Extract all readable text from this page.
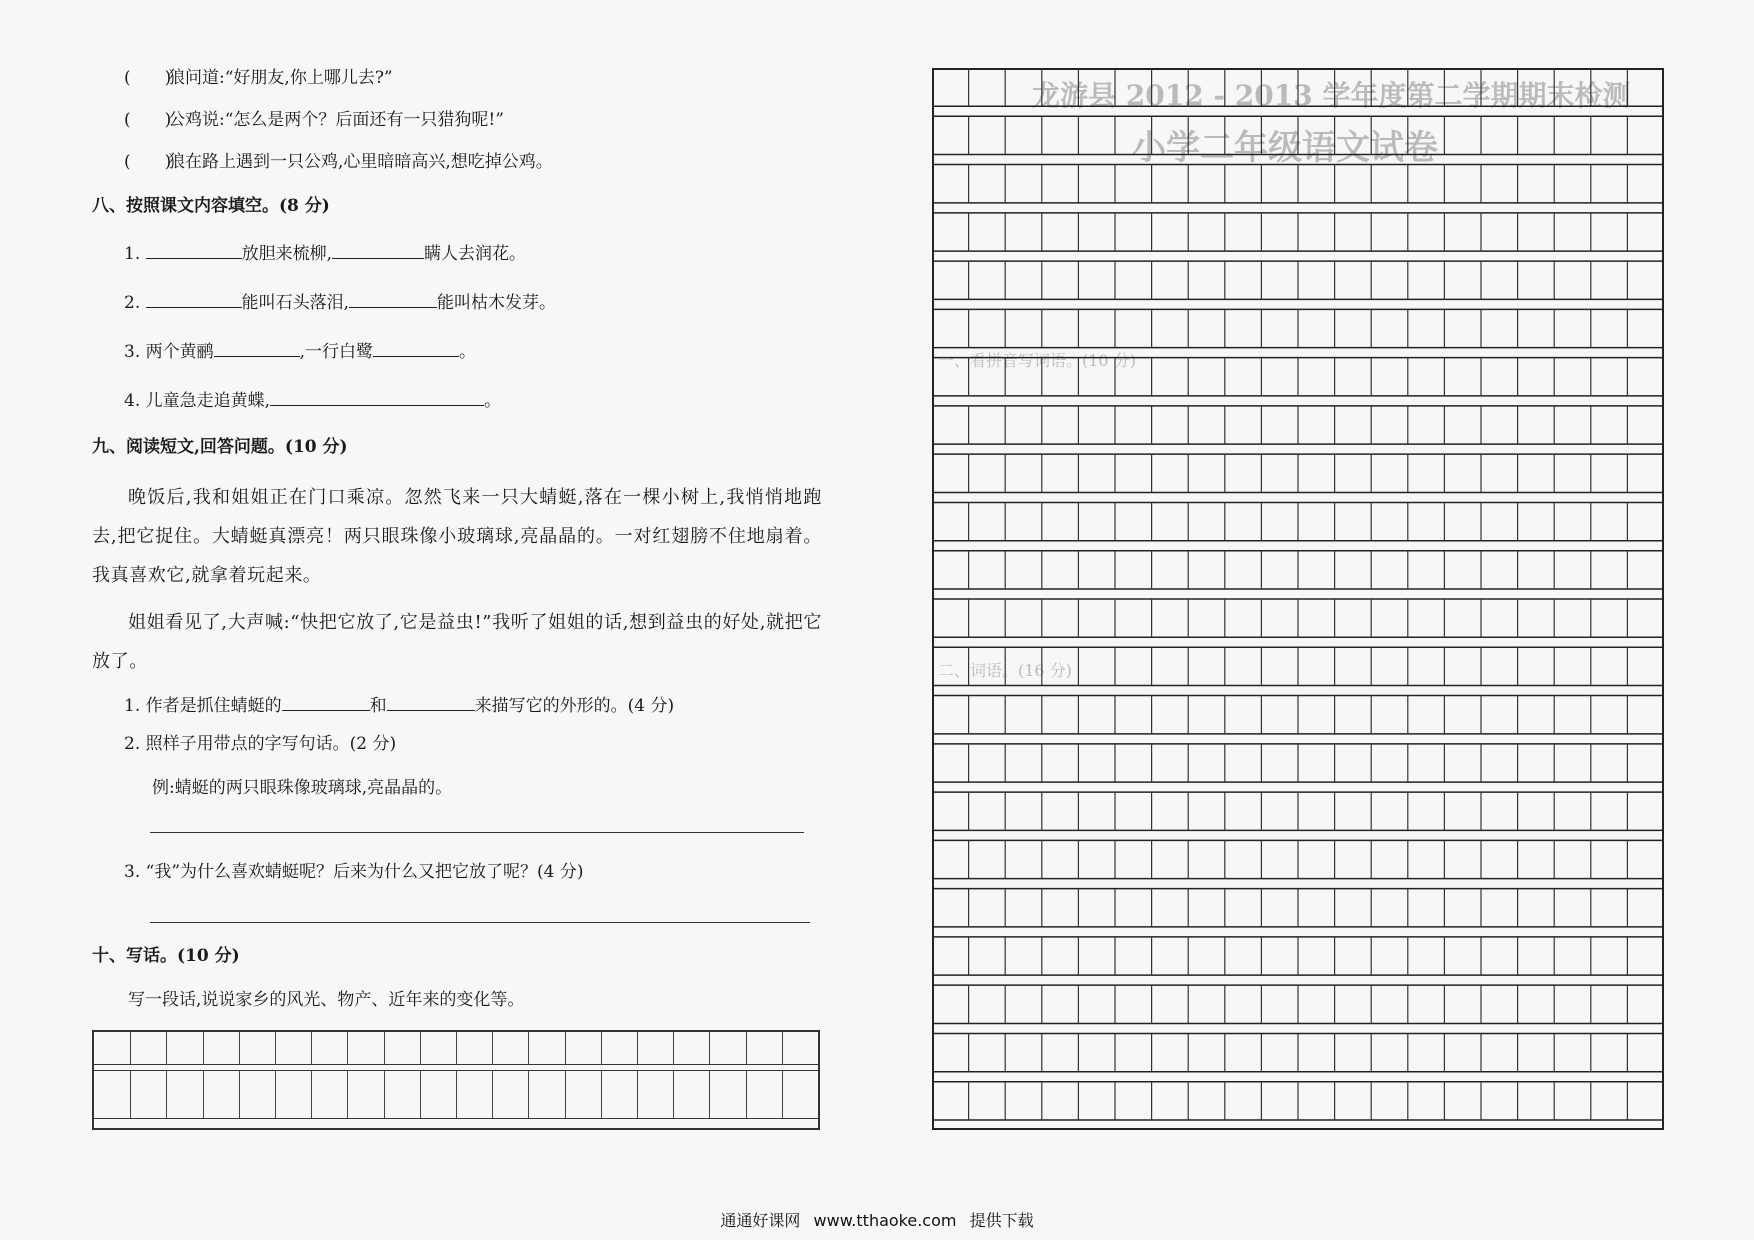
(　　)狼问道:“好朋友,你上哪儿去?”
(　　)公鸡说:“怎么是两个？后面还有一只猎狗呢!”
(　　)狼在路上遇到一只公鸡,心里暗暗高兴,想吃掉公鸡。
八、按照课文内容填空。(8 分)
1.	放胆来梳柳,	瞒人去润花。
2.	能叫石头落泪,	能叫枯木发芽。
3. 两个黄鹂	,一行白鹭	。
4. 儿童急走追黄蝶,	。
九、阅读短文,回答问题。(10 分)
晚饭后,我和姐姐正在门口乘凉。忽然飞来一只大蜻蜓,落在一棵小树上,我悄悄地跑去,把它捉住。大蜻蜓真漂亮！两只眼珠像小玻璃球,亮晶晶的。一对红翅膀不住地扇着。我真喜欢它,就拿着玩起来。
姐姐看见了,大声喊:“快把它放了,它是益虫!”我听了姐姐的话,想到益虫的好处,就把它放了。
1. 作者是抓住蜻蜓的	和	来描写它的外形的。(4 分)
2. 照样子用带点的字写句话。(2 分)
例:蜻蜓的两只眼珠像玻璃球,亮晶晶的。
3. “我”为什么喜欢蜻蜓呢？后来为什么又把它放了呢？(4 分)
十、写话。(10 分)
写一段话,说说家乡的风光、物产、近年来的变化等。
龙游县 2012 - 2013 学年度第二学期期末检测
小学二年级语文试卷
一、看拼音写词语。(10 分)
二、词语。(16 分)
通通好课网 www.tthaoke.com 提供下载
